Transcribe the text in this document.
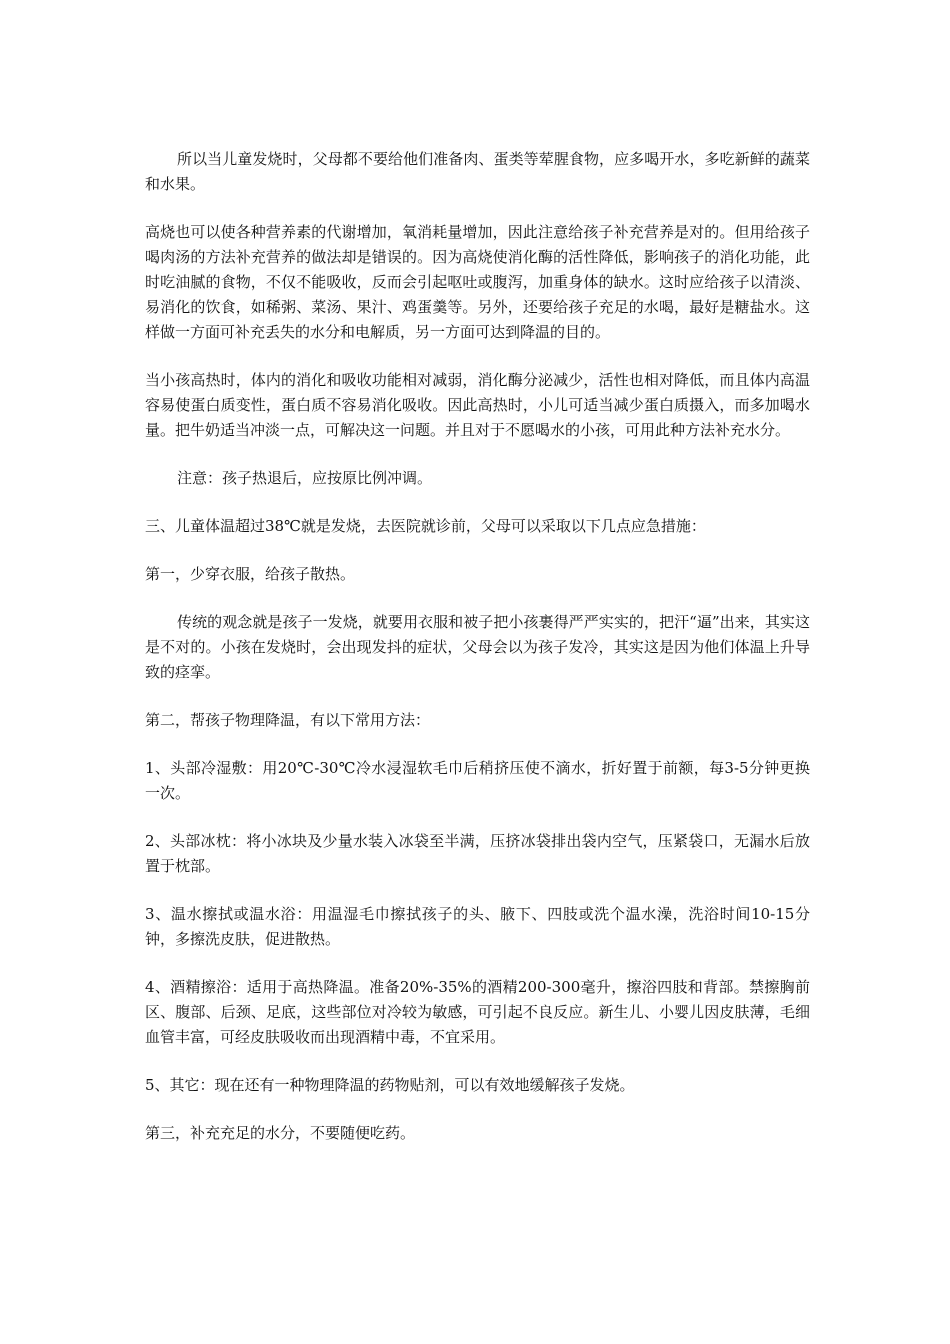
所以当儿童发烧时，父母都不要给他们准备肉、蛋类等荤腥食物，应多喝开水，多吃新鲜的蔬菜和水果。

高烧也可以使各种营养素的代谢增加，氧消耗量增加，因此注意给孩子补充营养是对的。但用给孩子喝肉汤的方法补充营养的做法却是错误的。因为高烧使消化酶的活性降低，影响孩子的消化功能，此时吃油腻的食物，不仅不能吸收，反而会引起呕吐或腹泻，加重身体的缺水。这时应给孩子以清淡、易消化的饮食，如稀粥、菜汤、果汁、鸡蛋羹等。另外，还要给孩子充足的水喝，最好是糖盐水。这样做一方面可补充丢失的水分和电解质，另一方面可达到降温的目的。

当小孩高热时，体内的消化和吸收功能相对减弱，消化酶分泌减少，活性也相对降低，而且体内高温容易使蛋白质变性，蛋白质不容易消化吸收。因此高热时，小儿可适当减少蛋白质摄入，而多加喝水量。把牛奶适当冲淡一点，可解决这一问题。并且对于不愿喝水的小孩，可用此种方法补充水分。

注意：孩子热退后，应按原比例冲调。

三、儿童体温超过38℃就是发烧，去医院就诊前，父母可以采取以下几点应急措施：

第一，少穿衣服，给孩子散热。

传统的观念就是孩子一发烧，就要用衣服和被子把小孩裹得严严实实的，把汗“逼”出来，其实这是不对的。小孩在发烧时，会出现发抖的症状，父母会以为孩子发冷，其实这是因为他们体温上升导致的痉挛。

第二，帮孩子物理降温，有以下常用方法：

1、头部冷湿敷：用20℃-30℃冷水浸湿软毛巾后稍挤压使不滴水，折好置于前额，每3-5分钟更换一次。

2、头部冰枕：将小冰块及少量水装入冰袋至半满，压挤冰袋排出袋内空气，压紧袋口，无漏水后放置于枕部。

3、温水擦拭或温水浴：用温湿毛巾擦拭孩子的头、腋下、四肢或洗个温水澡，洗浴时间10-15分钟，多擦洗皮肤，促进散热。

4、酒精擦浴：适用于高热降温。准备20%-35%的酒精200-300毫升，擦浴四肢和背部。禁擦胸前区、腹部、后颈、足底，这些部位对冷较为敏感，可引起不良反应。新生儿、小婴儿因皮肤薄，毛细血管丰富，可经皮肤吸收而出现酒精中毒，不宜采用。

5、其它：现在还有一种物理降温的药物贴剂，可以有效地缓解孩子发烧。

第三，补充充足的水分，不要随便吃药。
